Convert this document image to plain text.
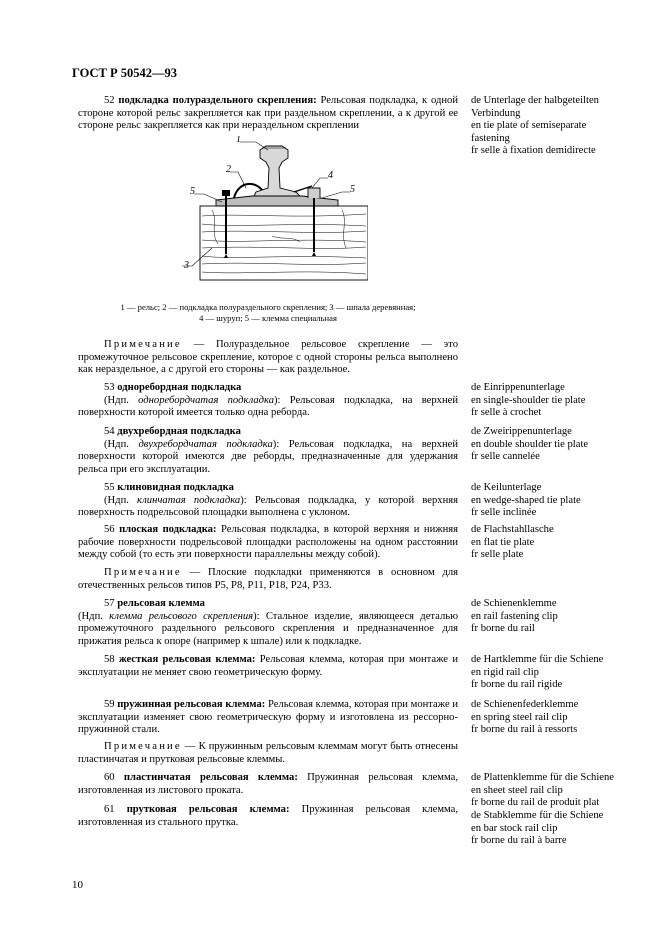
ГОСТ Р 50542—93

52 подкладка полураздельного скрепления: Рельсовая подкладка, к одной стороне которой рельс закрепляется как при раздельном скреплении, а к другой ее стороне рельс закрепляется как при нераздельном скреплении

de Unterlage der halbgeteilten Verbindung

en tie plate of semiseparate fastening

fr selle à fixation demidirecte

1
2
3
4
5	5
1 — рельс; 2 — подкладка полураздельного скрепления; 3 — шпала деревянная;
4 — шуруп; 5 — клемма специальная

Примечание — Полураздельное рельсовое скрепление — это промежуточное рельсовое скрепление, которое с одной стороны рельса выполнено как нераздельное, а с другой его стороны — как раздельное.

53 одноребордная подкладка

(Ндп. одноребордчатая подкладка): Рельсовая подкладка, на верхней поверхности которой имеется только одна реборда.

de Einrippenunterlage

en single-shoulder tie plate

fr selle à crochet

54 двухребордная подкладка

(Ндп. двухребордчатая подкладка): Рельсовая подкладка, на верхней поверхности которой имеются две реборды, предназначенные для удержания рельса при его эксплуатации.

de Zweirippenunterlage

en double shoulder tie plate

fr selle cannelée

55 клиновидная подкладка

(Ндп. клинчатая подкладка): Рельсовая подкладка, у которой верхняя поверхность подрельсовой площадки выполнена с уклоном.

de Keilunterlage

en wedge-shaped tie plate

fr selle inclinée

56 плоская подкладка: Рельсовая подкладка, в которой верхняя и нижняя рабочие поверхности подрельсовой площадки расположены на одном расстоянии между собой (то есть эти поверхности параллельны между собой).

de Flachstahllasche

en flat tie plate

fr selle plate

Примечание — Плоские подкладки применяются в основном для отечественных рельсов типов Р5, Р8, Р11, Р18, Р24, Р33.

57 рельсовая клемма

(Ндп. клемма рельсового скрепления): Стальное изделие, являющееся деталью промежуточного раздельного рельсового скрепления и предназначенное для прижатия рельса к опоре (например к шпале) или к подкладке.

de Schienenklemme

en rail fastening clip

fr borne du rail

58 жесткая рельсовая клемма: Рельсовая клемма, которая при монтаже и эксплуатации не меняет свою геометрическую форму.

de Hartklemme für die Schiene

en rigid rail clip

fr borne du rail rigide

59 пружинная рельсовая клемма: Рельсовая клемма, которая при монтаже и эксплуатации изменяет свою геометрическую форму и изготовлена из рессорно-пружинной стали.

de Schienenfederklemme

en spring steel rail clip

fr borne du rail à ressorts

Примечание — К пружинным рельсовым клеммам могут быть отнесены пластинчатая и прутковая рельсовые клеммы.

60 пластинчатая рельсовая клемма: Пружинная рельсовая клемма, изготовленная из листового проката.

de Plattenklemme für die Schiene

en sheet steel rail clip

fr borne du rail de produit plat

61 прутковая рельсовая клемма: Пружинная рельсовая клемма, изготовленная из стального прутка.

de Stabklemme für die Schiene

en bar stock rail clip

fr borne du rail à barre

10
